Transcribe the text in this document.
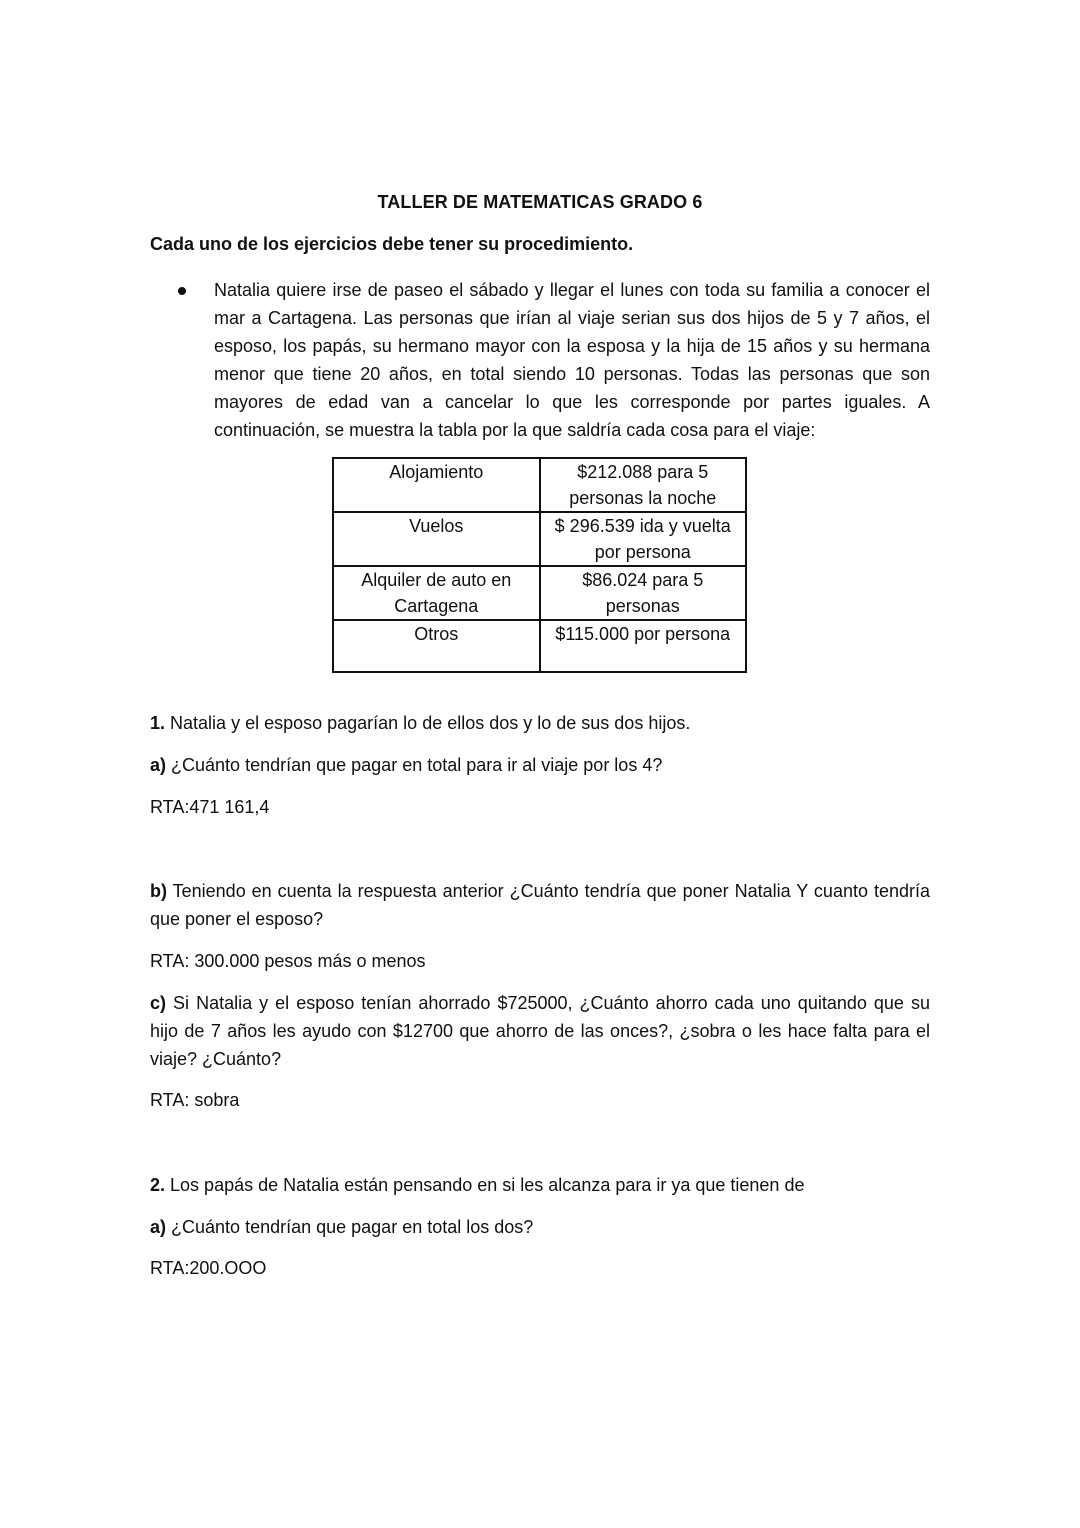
TALLER DE MATEMATICAS GRADO 6
Cada uno de los ejercicios debe tener su procedimiento.
Natalia quiere irse de paseo el sábado y llegar el lunes con toda su familia a conocer el mar a Cartagena. Las personas que irían al viaje serian sus dos hijos de 5 y 7 años, el esposo, los papás, su hermano mayor con la esposa y la hija de 15 años y su hermana menor que tiene 20 años, en total siendo 10 personas. Todas las personas que son mayores de edad van a cancelar lo que les corresponde por partes iguales. A continuación, se muestra la tabla por la que saldría cada cosa para el viaje:
Alojamiento	$212.088 para 5 personas la noche
Vuelos	$ 296.539 ida y vuelta por persona
Alquiler de auto en Cartagena	$86.024 para 5 personas
Otros	$115.000 por persona
1. Natalia y el esposo pagarían lo de ellos dos y lo de sus dos hijos.
a) ¿Cuánto tendrían que pagar en total para ir al viaje por los 4?
RTA:471 161,4
b) Teniendo en cuenta la respuesta anterior ¿Cuánto tendría que poner Natalia Y cuanto tendría que poner el esposo?
RTA: 300.000 pesos más o menos
c) Si Natalia y el esposo tenían ahorrado $725000, ¿Cuánto ahorro cada uno quitando que su hijo de 7 años les ayudo con $12700 que ahorro de las onces?, ¿sobra o les hace falta para el viaje? ¿Cuánto?
RTA: sobra
2. Los papás de Natalia están pensando en si les alcanza para ir ya que tienen de
a) ¿Cuánto tendrían que pagar en total los dos?
RTA:200.OOO
